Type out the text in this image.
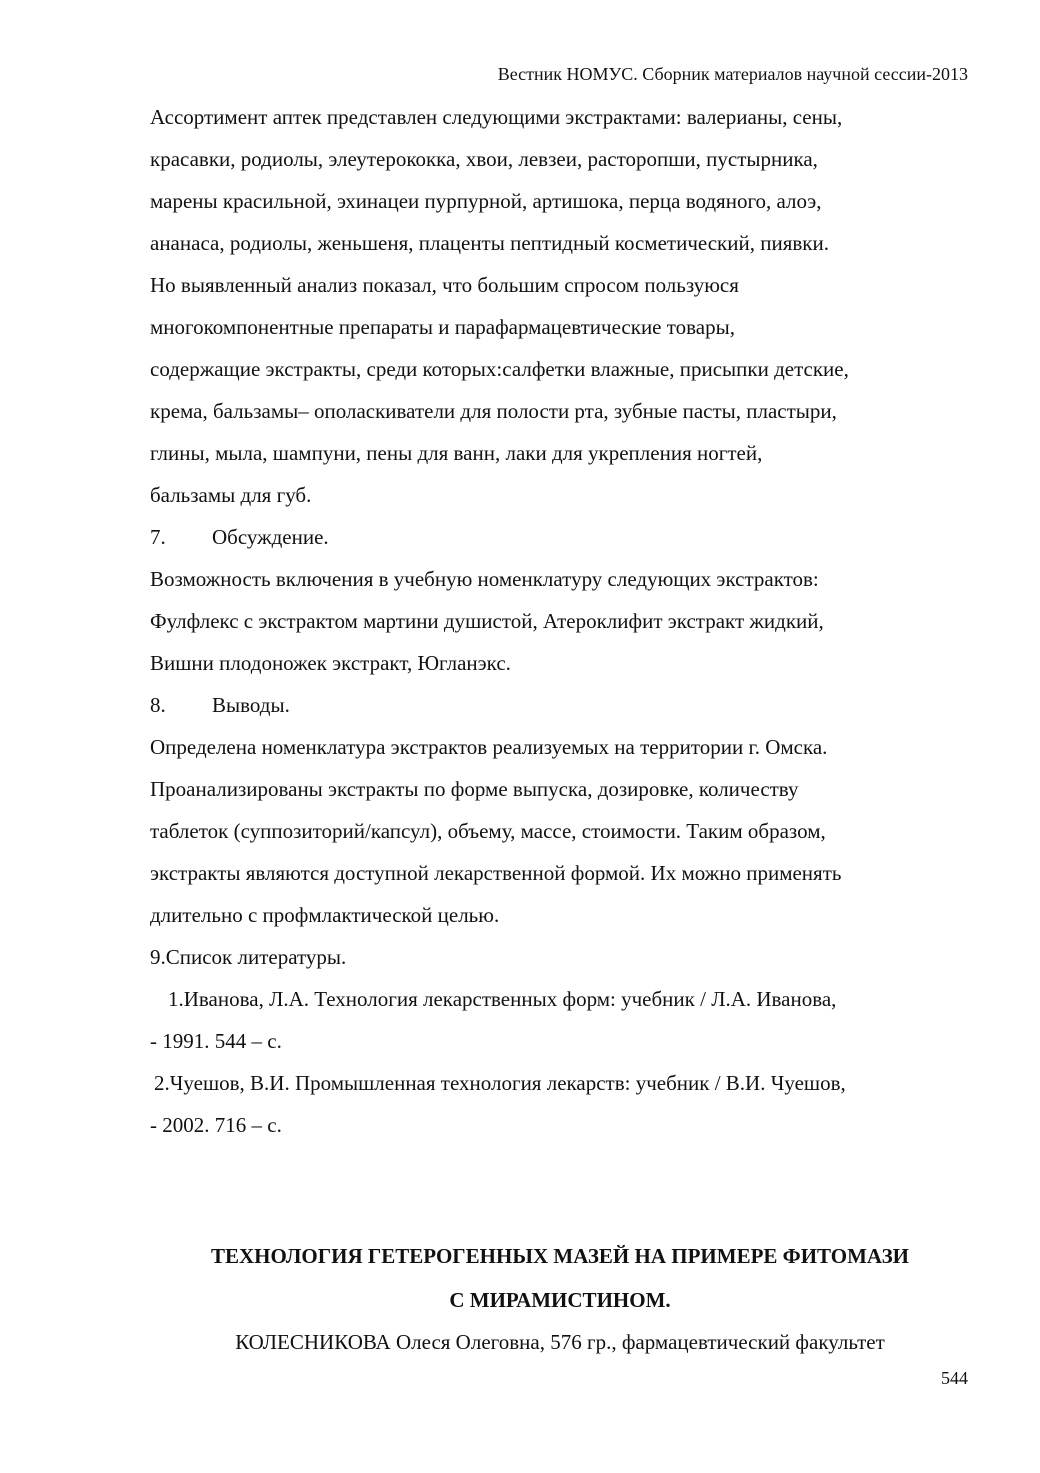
Вестник НОМУС. Сборник материалов научной сессии-2013
Ассортимент аптек представлен следующими экстрактами: валерианы, сены,
красавки, родиолы, элеутерококка, хвои, левзеи, расторопши, пустырника,
марены красильной, эхинацеи пурпурной, артишока, перца водяного, алоэ,
ананаса, родиолы, женьшеня, плаценты пептидный косметический, пиявки.
Но выявленный анализ показал, что большим спросом пользуюся
многокомпонентные препараты и парафармацевтические товары,
содержащие экстракты, среди которых:салфетки влажные, присыпки детские,
крема, бальзамы– ополаскиватели для полости рта, зубные пасты, пластыри,
глины, мыла, шампуни, пены для ванн, лаки для укрепления ногтей,
бальзамы для губ.
7. Обсуждение.
Возможность включения в учебную номенклатуру следующих экстрактов:
Фулфлекс с экстрактом мартини душистой, Атероклифит экстракт жидкий,
Вишни плодоножек экстракт, Югланэкс.
8. Выводы.
Определена номенклатура экстрактов реализуемых на территории г. Омска.
Проанализированы экстракты по форме выпуска, дозировке, количеству
таблеток (суппозиторий/капсул), объему, массе, стоимости. Таким образом,
экстракты являются доступной лекарственной формой. Их можно применять
длительно с профмлактической целью.
9.Список литературы.
1.Иванова, Л.А. Технология лекарственных форм: учебник / Л.А. Иванова,
- 1991. 544 – с.
2.Чуешов, В.И. Промышленная технология лекарств: учебник / В.И. Чуешов,
- 2002. 716 – с.
ТЕХНОЛОГИЯ ГЕТЕРОГЕННЫХ МАЗЕЙ НА ПРИМЕРЕ ФИТОМАЗИ
С МИРАМИСТИНОМ.
КОЛЕСНИКОВА Олеся Олеговна, 576 гр., фармацевтический факультет
544
